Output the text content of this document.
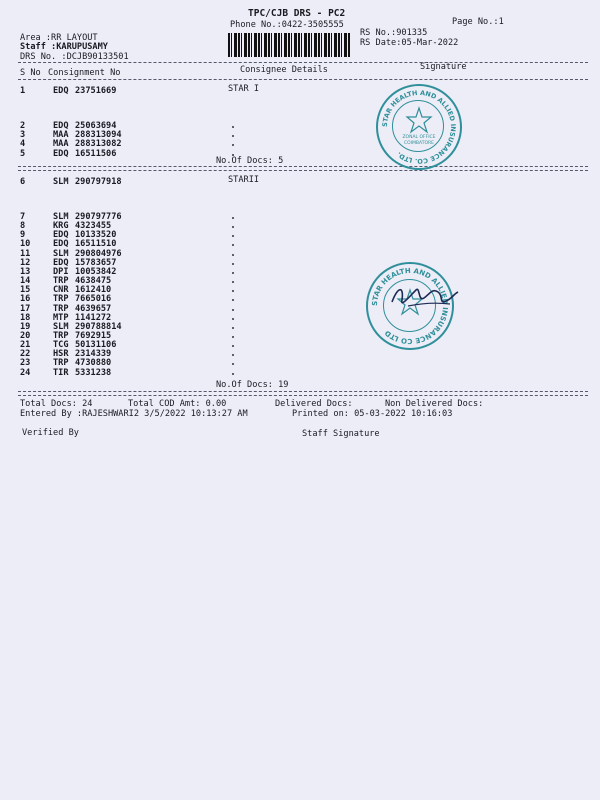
TPC/CJB DRS - PC2
Phone No.:0422-3505555	Page No.:1
RS No.:901335
RS Date:05-Mar-2022
Area :RR LAYOUT
Staff :KARUPUSAMY
DRS No. :DCJB90133501
S No Consignment No	Consignee Details	Signature
1	EDQ 23751669
2	EDQ 25063694
3	MAA 288313094
4	MAA 288313082
5	EDQ 16511506
STAR I
No.Of Docs: 5
6	SLM 290797918
7	SLM 290797776
8	KRG 4323455
9	EDQ 10133520
10	EDQ 16511510
11	SLM 290804976
12	EDQ 15783657
13	DPI 10053842
14	TRP 4638475
15	CNR 1612410
16	TRP 7665016
17	TRP 4639657
18	MTP 1141272
19	SLM 290788814
20	TRP 7692915
21	TCG 50131106
22	HSR 2314339
23	TRP 4730880
24	TIR 5331238
STARII
No.Of Docs: 19
Total Docs: 24	Total COD Amt: 0.00	Delivered Docs:	Non Delivered Docs:
Entered By :RAJESHWARI2 3/5/2022 10:13:27 AM	Printed on: 05-03-2022 10:16:03
Verified By	Staff Signature
STAR HEALTH AND ALLIED INSURANCE CO. LTD.
ZONAL OFFICE
COIMBATORE
STAR HEALTH AND ALLIED INSURANCE CO LTD
